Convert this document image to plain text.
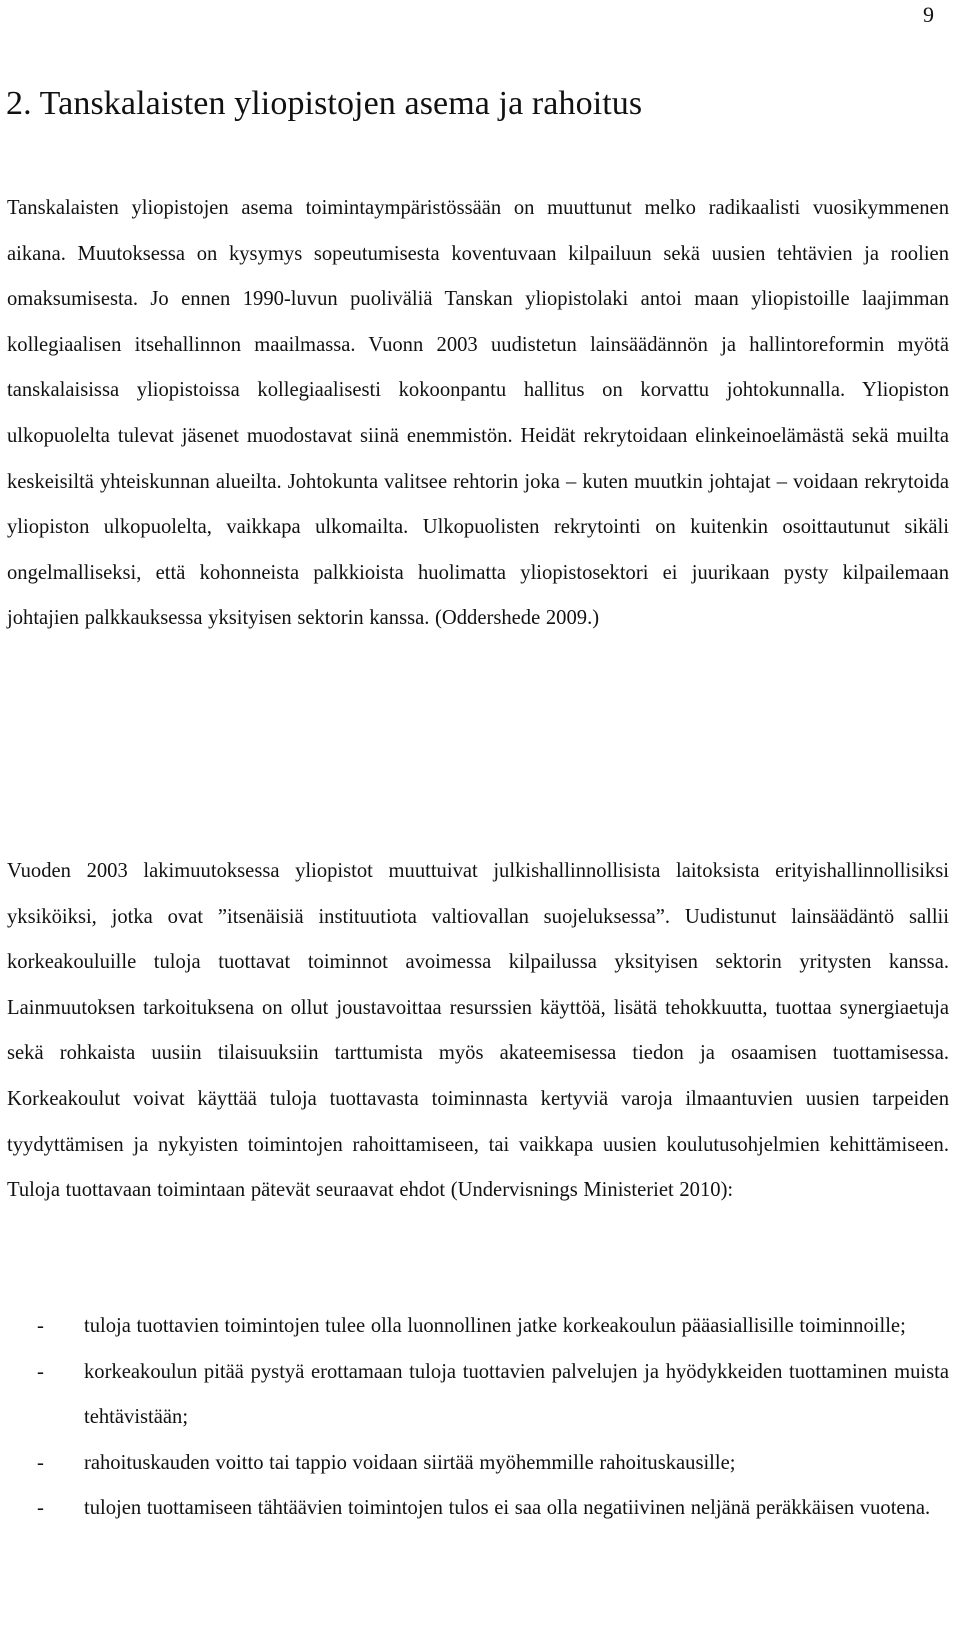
9
2. Tanskalaisten yliopistojen asema ja rahoitus

Tanskalaisten yliopistojen asema toimintaympäristössään on muuttunut melko radikaalisti vuosikymmenen aikana. Muutoksessa on kysymys sopeutumisesta koventuvaan kilpailuun sekä uusien tehtävien ja roolien omaksumisesta. Jo ennen 1990-luvun puoliväliä Tanskan yliopistolaki antoi maan yliopistoille laajimman kollegiaalisen itsehallinnon maailmassa. Vuonn 2003 uudistetun lainsäädännön ja hallintoreformin myötä tanskalaisissa yliopistoissa kollegiaalisesti kokoonpantu hallitus on korvattu johtokunnalla. Yliopiston ulkopuolelta tulevat jäsenet muodostavat siinä enemmistön. Heidät rekrytoidaan elinkeinoelämästä sekä muilta keskeisiltä yhteiskunnan alueilta. Johtokunta valitsee rehtorin joka – kuten muutkin johtajat – voidaan rekrytoida yliopiston ulkopuolelta, vaikkapa ulkomailta. Ulkopuolisten rekrytointi on kuitenkin osoittautunut sikäli ongelmalliseksi, että kohonneista palkkioista huolimatta yliopistosektori ei juurikaan pysty kilpailemaan johtajien palkkauksessa yksityisen sektorin kanssa. (Oddershede 2009.)

Vuoden 2003 lakimuutoksessa yliopistot muuttuivat julkishallinnollisista laitoksista erityishallinnollisiksi yksiköiksi, jotka ovat ”itsenäisiä instituutiota valtiovallan suojeluksessa”. Uudistunut lainsäädäntö sallii korkeakouluille tuloja tuottavat toiminnot avoimessa kilpailussa yksityisen sektorin yritysten kanssa. Lainmuutoksen tarkoituksena on ollut joustavoittaa resurssien käyttöä, lisätä tehokkuutta, tuottaa synergiaetuja sekä rohkaista uusiin tilaisuuksiin tarttumista myös akateemisessa tiedon ja osaamisen tuottamisessa. Korkeakoulut voivat käyttää tuloja tuottavasta toiminnasta kertyviä varoja ilmaantuvien uusien tarpeiden tyydyttämisen ja nykyisten toimintojen rahoittamiseen, tai vaikkapa uusien koulutusohjelmien kehittämiseen. Tuloja tuottavaan toimintaan pätevät seuraavat ehdot (Undervisnings Ministeriet 2010):

- tuloja tuottavien toimintojen tulee olla luonnollinen jatke korkeakoulun pääasiallisille toiminnoille;
- korkeakoulun pitää pystyä erottamaan tuloja tuottavien palvelujen ja hyödykkeiden tuottaminen muista tehtävistään;
- rahoituskauden voitto tai tappio voidaan siirtää myöhemmille rahoituskausille;
- tulojen tuottamiseen tähtäävien toimintojen tulos ei saa olla negatiivinen neljänä peräkkäisen vuotena.
